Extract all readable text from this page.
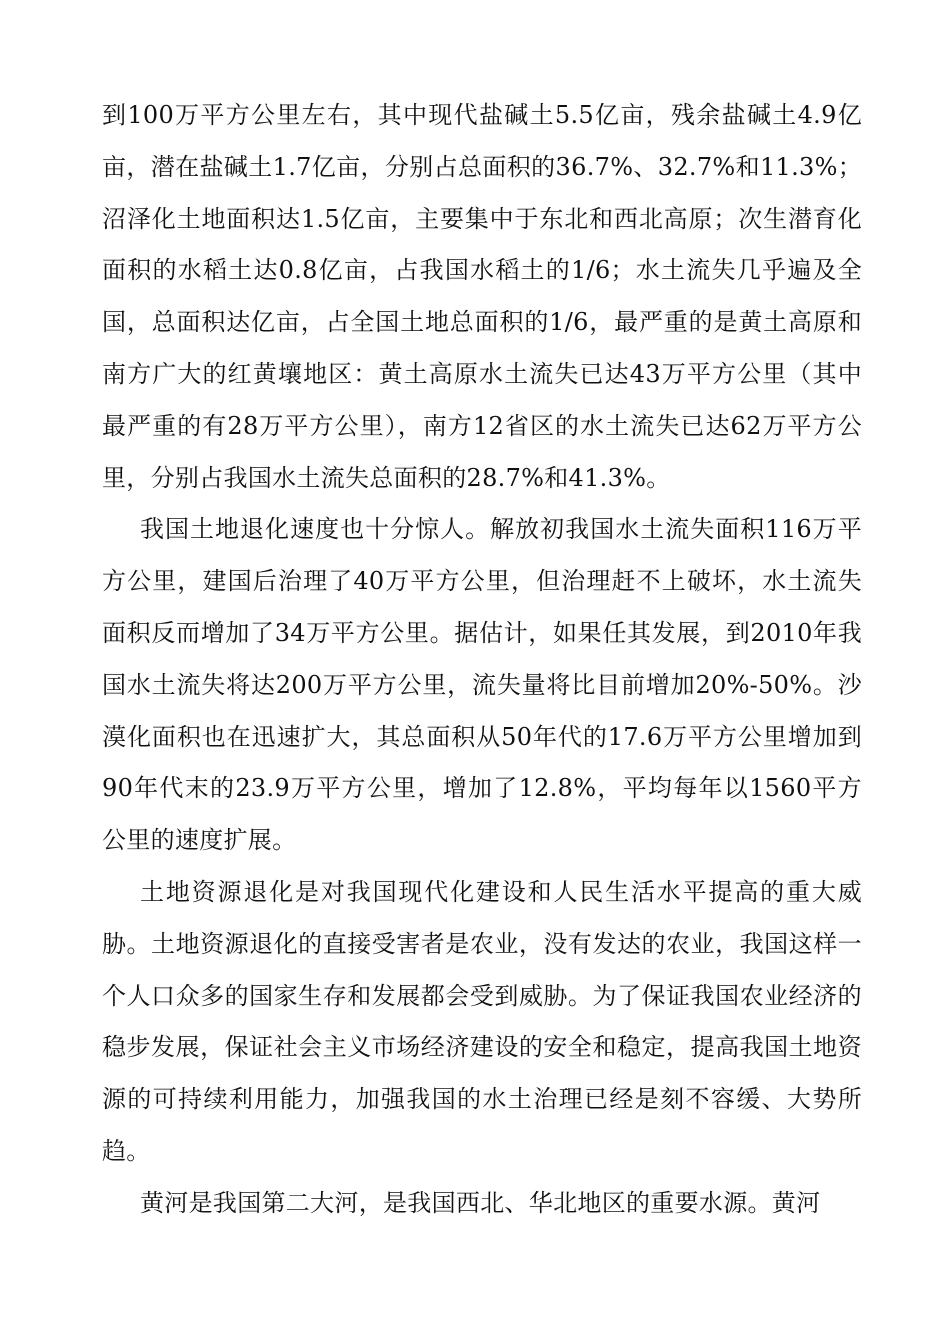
到100万平方公里左右，其中现代盐碱土5.5亿亩，残余盐碱土4.9亿亩，潜在盐碱土1.7亿亩，分别占总面积的36.7%、32.7%和11.3%；沼泽化土地面积达1.5亿亩，主要集中于东北和西北高原；次生潜育化面积的水稻土达0.8亿亩，占我国水稻土的1/6；水土流失几乎遍及全国，总面积达亿亩，占全国土地总面积的1/6，最严重的是黄土高原和南方广大的红黄壤地区：黄土高原水土流失已达43万平方公里（其中最严重的有28万平方公里），南方12省区的水土流失已达62万平方公里，分别占我国水土流失总面积的28.7%和41.3%。

我国土地退化速度也十分惊人。解放初我国水土流失面积116万平方公里，建国后治理了40万平方公里，但治理赶不上破坏，水土流失面积反而增加了34万平方公里。据估计，如果任其发展，到2010年我国水土流失将达200万平方公里，流失量将比目前增加20%-50%。沙漠化面积也在迅速扩大，其总面积从50年代的17.6万平方公里增加到90年代末的23.9万平方公里，增加了12.8%，平均每年以1560平方公里的速度扩展。

土地资源退化是对我国现代化建设和人民生活水平提高的重大威胁。土地资源退化的直接受害者是农业，没有发达的农业，我国这样一个人口众多的国家生存和发展都会受到威胁。为了保证我国农业经济的稳步发展，保证社会主义市场经济建设的安全和稳定，提高我国土地资源的可持续利用能力，加强我国的水土治理已经是刻不容缓、大势所趋。

黄河是我国第二大河，是我国西北、华北地区的重要水源。黄河
